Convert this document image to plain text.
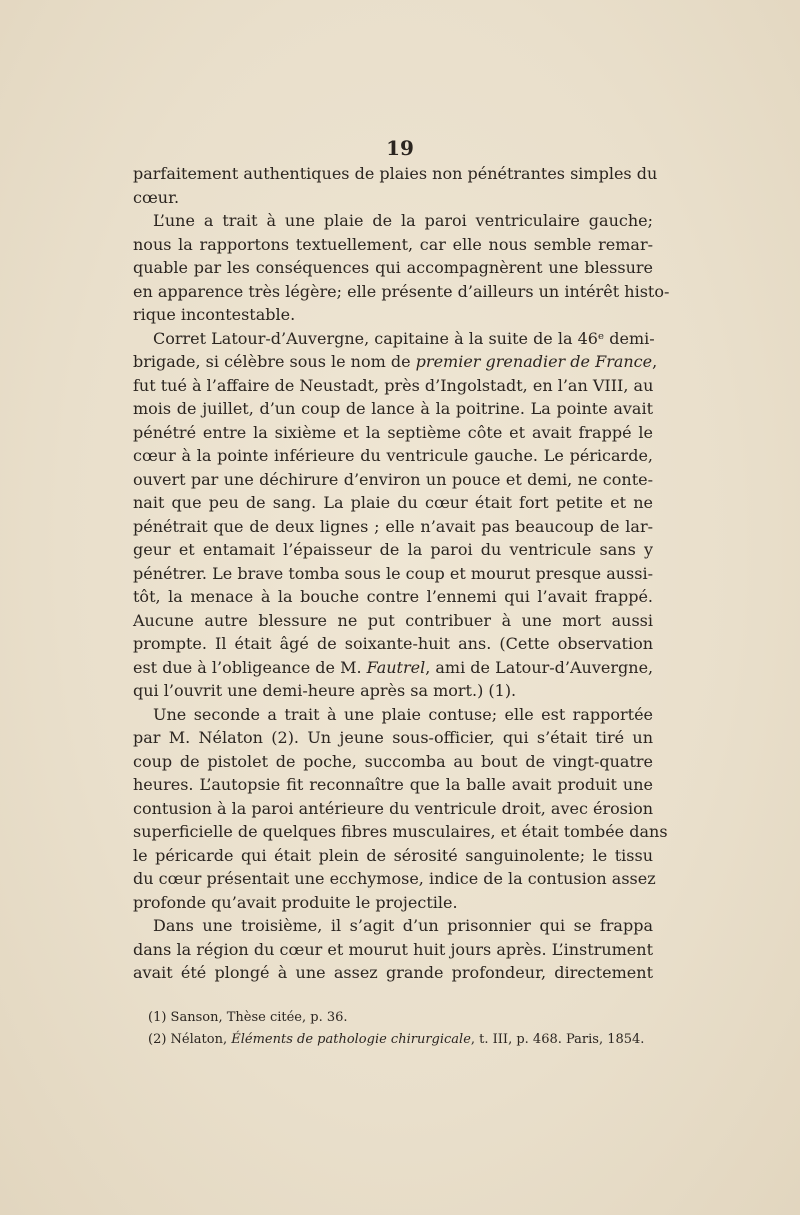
19
parfaitement authentiques de plaies non pénétrantes simples du
cœur.
L’une a trait à une plaie de la paroi ventriculaire gauche;
nous la rapportons textuellement, car elle nous semble remar-
quable par les conséquences qui accompagnèrent une blessure
en apparence très légère; elle présente d’ailleurs un intérêt histo-
rique incontestable.
Corret Latour-d’Auvergne, capitaine à la suite de la 46ᵉ demi-
brigade, si célèbre sous le nom de premier grenadier de France,
fut tué à l’affaire de Neustadt, près d’Ingolstadt, en l’an VIII, au
mois de juillet, d’un coup de lance à la poitrine. La pointe avait
pénétré entre la sixième et la septième côte et avait frappé le
cœur à la pointe inférieure du ventricule gauche. Le péricarde,
ouvert par une déchirure d’environ un pouce et demi, ne conte-
nait que peu de sang. La plaie du cœur était fort petite et ne
pénétrait que de deux lignes ; elle n’avait pas beaucoup de lar-
geur et entamait l’épaisseur de la paroi du ventricule sans y
pénétrer. Le brave tomba sous le coup et mourut presque aussi-
tôt, la menace à la bouche contre l’ennemi qui l’avait frappé.
Aucune autre blessure ne put contribuer à une mort aussi
prompte. Il était âgé de soixante-huit ans. (Cette observation
est due à l’obligeance de M. Fautrel, ami de Latour-d’Auvergne,
qui l’ouvrit une demi-heure après sa mort.) (1).
Une seconde a trait à une plaie contuse; elle est rapportée
par M. Nélaton (2). Un jeune sous-officier, qui s’était tiré un
coup de pistolet de poche, succomba au bout de vingt-quatre
heures. L’autopsie fit reconnaître que la balle avait produit une
contusion à la paroi antérieure du ventricule droit, avec érosion
superficielle de quelques fibres musculaires, et était tombée dans
le péricarde qui était plein de sérosité sanguinolente; le tissu
du cœur présentait une ecchymose, indice de la contusion assez
profonde qu’avait produite le projectile.
Dans une troisième, il s’agit d’un prisonnier qui se frappa
dans la région du cœur et mourut huit jours après. L’instrument
avait été plongé à une assez grande profondeur, directement
(1) Sanson, Thèse citée, p. 36.
(2) Nélaton, Éléments de pathologie chirurgicale, t. III, p. 468. Paris, 1854.
